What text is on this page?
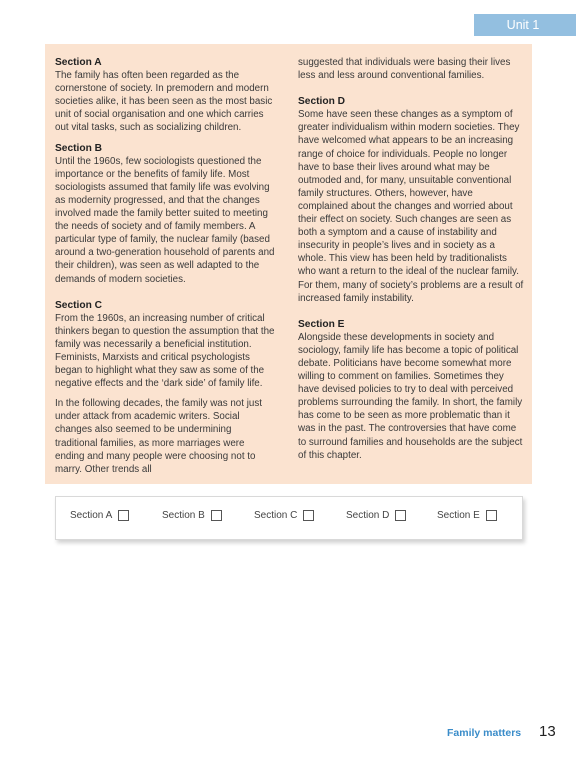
Unit 1

Section A

The family has often been regarded as the cornerstone of society. In premodern and modern societies alike, it has been seen as the most basic unit of social organisation and one which carries out vital tasks, such as socializing children.

Section B

Until the 1960s, few sociologists questioned the importance or the benefits of family life. Most sociologists assumed that family life was evolving as modernity progressed, and that the changes involved made the family better suited to meeting the needs of society and of family members. A particular type of family, the nuclear family (based around a two-generation household of parents and their children), was seen as well adapted to the demands of modern societies.

Section C

From the 1960s, an increasing number of critical thinkers began to question the assumption that the family was necessarily a beneficial institution. Feminists, Marxists and critical psychologists began to highlight what they saw as some of the negative effects and the ‘dark side’ of family life.

In the following decades, the family was not just under attack from academic writers. Social changes also seemed to be undermining traditional families, as more marriages were ending and many people were choosing not to marry. Other trends all

suggested that individuals were basing their lives less and less around conventional families.

Section D

Some have seen these changes as a symptom of greater individualism within modern societies. They have welcomed what appears to be an increasing range of choice for individuals. People no longer have to base their lives around what may be outmoded and, for many, unsuitable conventional family structures. Others, however, have complained about the changes and worried about their effect on society. Such changes are seen as both a symptom and a cause of instability and insecurity in people’s lives and in society as a whole. This view has been held by traditionalists who want a return to the ideal of the nuclear family. For them, many of society’s problems are a result of increased family instability.

Section E

Alongside these developments in society and sociology, family life has become a topic of political debate. Politicians have become somewhat more willing to comment on families. Sometimes they have devised policies to try to deal with perceived problems surrounding the family. In short, the family has come to be seen as more problematic than it was in the past. The controversies that have come to surround families and households are the subject of this chapter.

Section A	Section B	Section C	Section D	Section E
Family matters 13
